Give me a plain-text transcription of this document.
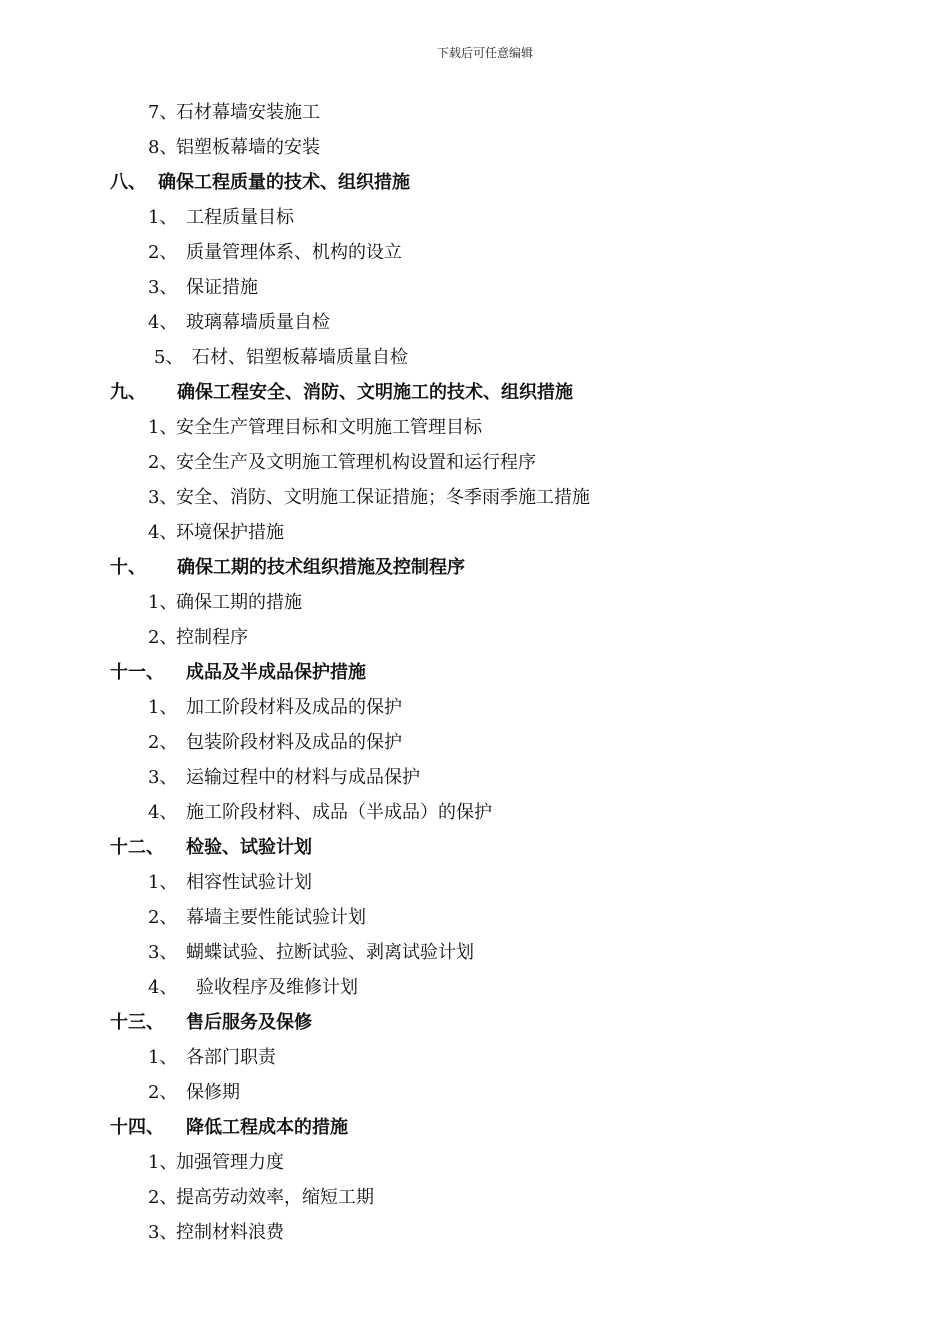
下载后可任意编辑
7、
石材幕墙安装施工
8、
铝塑板幕墙的安装
八、 确保工程质量的技术、组织措施
1、 工程质量目标
2、 质量管理体系、机构的设立
3、 保证措施
4、 玻璃幕墙质量自检
5、 石材、铝塑板幕墙质量自检
九、 确保工程安全、消防、文明施工的技术、组织措施
1、
安全生产管理目标和文明施工管理目标
2、
安全生产及文明施工管理机构设置和运行程序
3、
安全、消防、文明施工保证措施；冬季雨季施工措施
4、
环境保护措施
十、 确保工期的技术组织措施及控制程序
1、
确保工期的措施
2、
控制程序
十一、 成品及半成品保护措施
1、 加工阶段材料及成品的保护
2、 包装阶段材料及成品的保护
3、 运输过程中的材料与成品保护
4、 施工阶段材料、成品（半成品）的保护
十二、 检验、试验计划
1、 相容性试验计划
2、 幕墙主要性能试验计划
3、 蝴蝶试验、拉断试验、剥离试验计划
4、 验收程序及维修计划
十三、 售后服务及保修
1、 各部门职责
2、 保修期
十四、 降低工程成本的措施
1、
加强管理力度
2、
提高劳动效率，缩短工期
3、
控制材料浪费
